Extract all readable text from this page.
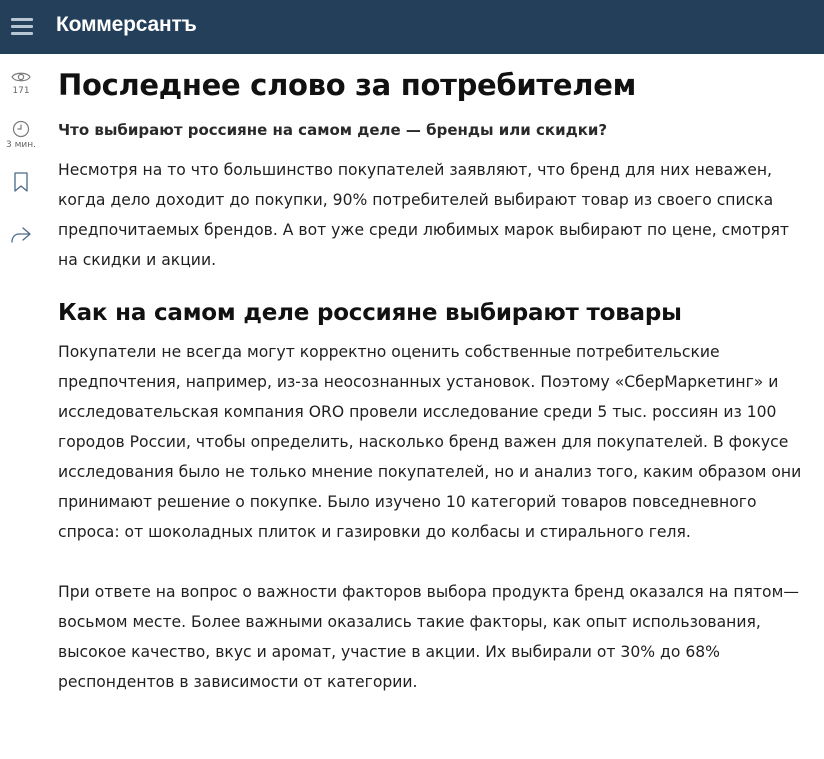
Коммерсантъ
171
3 мин.
Последнее слово за потребителем
Что выбирают россияне на самом деле — бренды или скидки?

Несмотря на то что большинство покупателей заявляют, что бренд для них неважен, когда дело доходит до покупки, 90% потребителей выбирают товар из своего списка предпочитаемых брендов. А вот уже среди любимых марок выбирают по цене, смотрят на скидки и акции.

Как на самом деле россияне выбирают товары

Покупатели не всегда могут корректно оценить собственные потребительские предпочтения, например, из-за неосознанных установок. Поэтому «СберМаркетинг» и исследовательская компания ORO провели исследование среди 5 тыс. россиян из 100 городов России, чтобы определить, насколько бренд важен для покупателей. В фокусе исследования было не только мнение покупателей, но и анализ того, каким образом они принимают решение о покупке. Было изучено 10 категорий товаров повседневного спроса: от шоколадных плиток и газировки до колбасы и стирального геля.

При ответе на вопрос о важности факторов выбора продукта бренд оказался на пятом—восьмом месте. Более важными оказались такие факторы, как опыт использования, высокое качество, вкус и аромат, участие в акции. Их выбирали от 30% до 68% респондентов в зависимости от категории.
